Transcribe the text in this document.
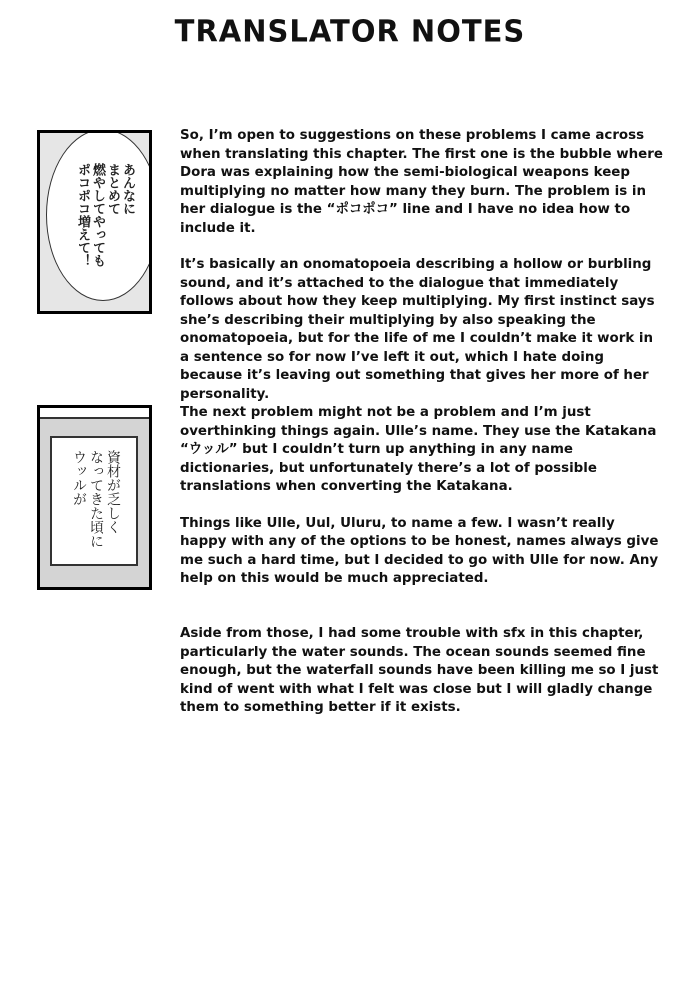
TRANSLATOR NOTES
あんなに
まとめて
燃やしてやっても
ポコポコ増えて！
資材が乏しく
なってきた頃に
ウッルが

So, I’m open to suggestions on these problems I came across when translating this chapter. The first one is the bubble where Dora was explaining how the semi-biological weapons keep multiplying no matter how many they burn. The problem is in her dialogue is the “ポコポコ” line and I have no idea how to include it.

It’s basically an onomatopoeia describing a hollow or burbling sound, and it’s attached to the dialogue that immediately follows about how they keep multiplying. My first instinct says she’s describing their multiplying by also speaking the onomatopoeia, but for the life of me I couldn’t make it work in a sentence so for now I’ve left it out, which I hate doing because it’s leaving out something that gives her more of her personality.

The next problem might not be a problem and I’m just overthinking things again. Ulle’s name. They use the Katakana “ウッル” but I couldn’t turn up anything in any name dictionaries, but unfortunately there’s a lot of possible translations when converting the Katakana.

Things like Ulle, Uul, Uluru, to name a few. I wasn’t really happy with any of the options to be honest, names always give me such a hard time, but I decided to go with Ulle for now. Any help on this would be much appreciated.

Aside from those, I had some trouble with sfx in this chapter, particularly the water sounds. The ocean sounds seemed fine enough, but the waterfall sounds have been killing me so I just kind of went with what I felt was close but I will gladly change them to something better if it exists.
